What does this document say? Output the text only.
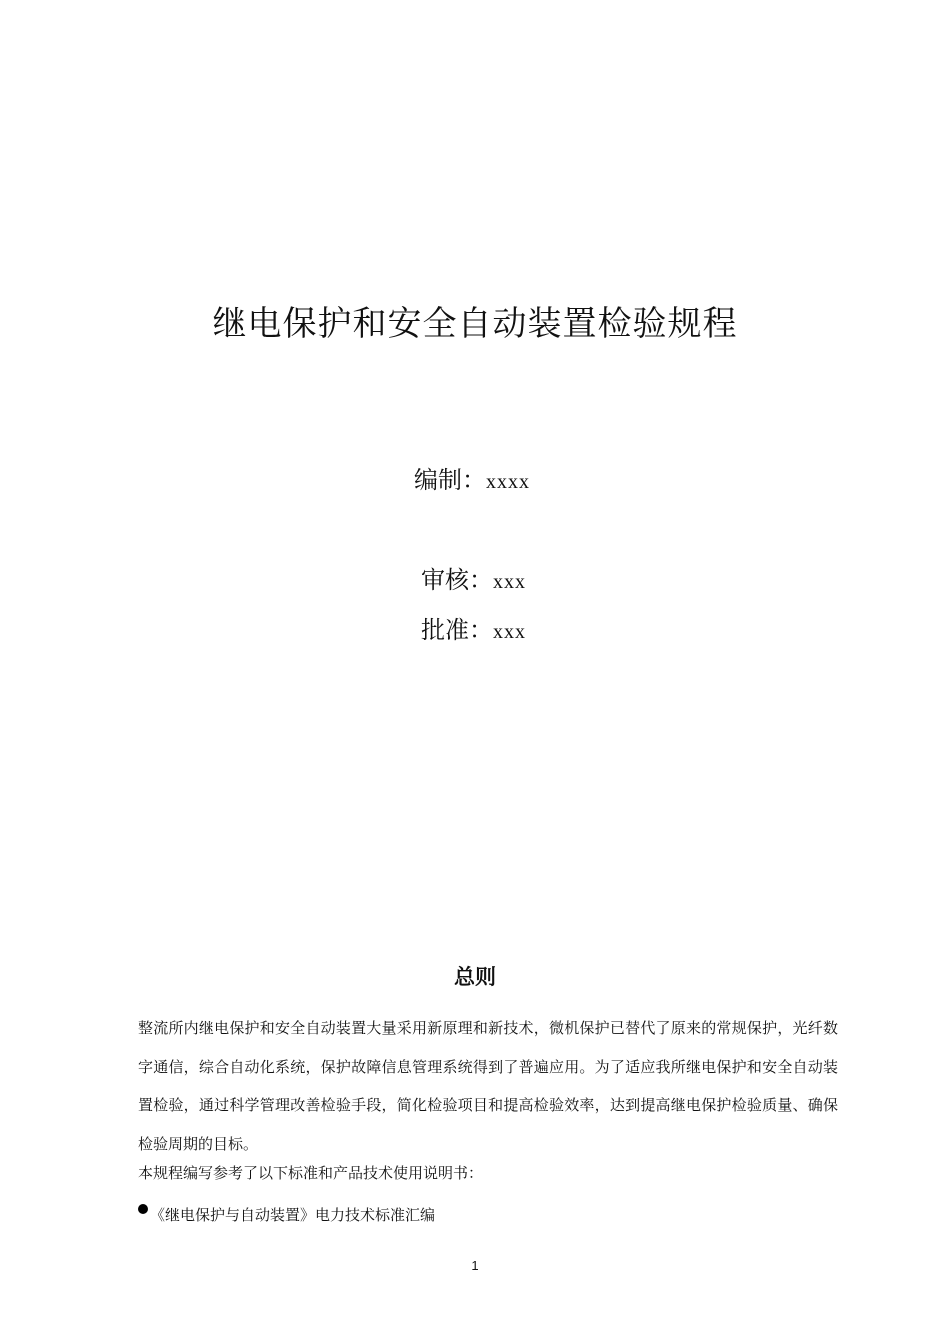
继电保护和安全自动装置检验规程
编制：xxxx
审核：xxx
批准：xxx
总则
整流所内继电保护和安全自动装置大量采用新原理和新技术，微机保护已替代了原来的常规保护，光纤数字通信，综合自动化系统，保护故障信息管理系统得到了普遍应用。为了适应我所继电保护和安全自动装置检验，通过科学管理改善检验手段，简化检验项目和提高检验效率，达到提高继电保护检验质量、确保检验周期的目标。
本规程编写参考了以下标准和产品技术使用说明书：
《继电保护与自动装置》电力技术标准汇编
1
